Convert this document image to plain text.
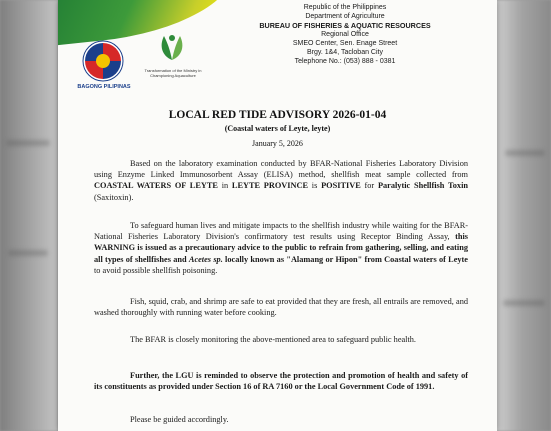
BAGONG PILIPINAS
Transformation of the Ministry in Championing Aquaculture
Republic of the Philippines
Department of Agriculture
BUREAU OF FISHERIES & AQUATIC RESOURCES
Regional Office
SMEO Center, Sen. Enage Street
Brgy. 1&4, Tacloban City
Telephone No.: (053) 888 - 0381
LOCAL RED TIDE ADVISORY 2026-01-04
(Coastal waters of Leyte, leyte)
January 5, 2026
Based on the laboratory examination conducted by BFAR-National Fisheries Laboratory Division using Enzyme Linked Immunosorbent Assay (ELISA) method, shellfish meat sample collected from COASTAL WATERS OF LEYTE in LEYTE PROVINCE is POSITIVE for Paralytic Shellfish Toxin (Saxitoxin).
To safeguard human lives and mitigate impacts to the shellfish industry while waiting for the BFAR-National Fisheries Laboratory Division's confirmatory test results using Receptor Binding Assay, this WARNING is issued as a precautionary advice to the public to refrain from gathering, selling, and eating all types of shellfishes and Acetes sp. locally known as "Alamang or Hipon" from Coastal waters of Leyte to avoid possible shellfish poisoning.
Fish, squid, crab, and shrimp are safe to eat provided that they are fresh, all entrails are removed, and washed thoroughly with running water before cooking.
The BFAR is closely monitoring the above-mentioned area to safeguard public health.
Further, the LGU is reminded to observe the protection and promotion of health and safety of its constituents as provided under Section 16 of RA 7160 or the Local Government Code of 1991.
Please be guided accordingly.
